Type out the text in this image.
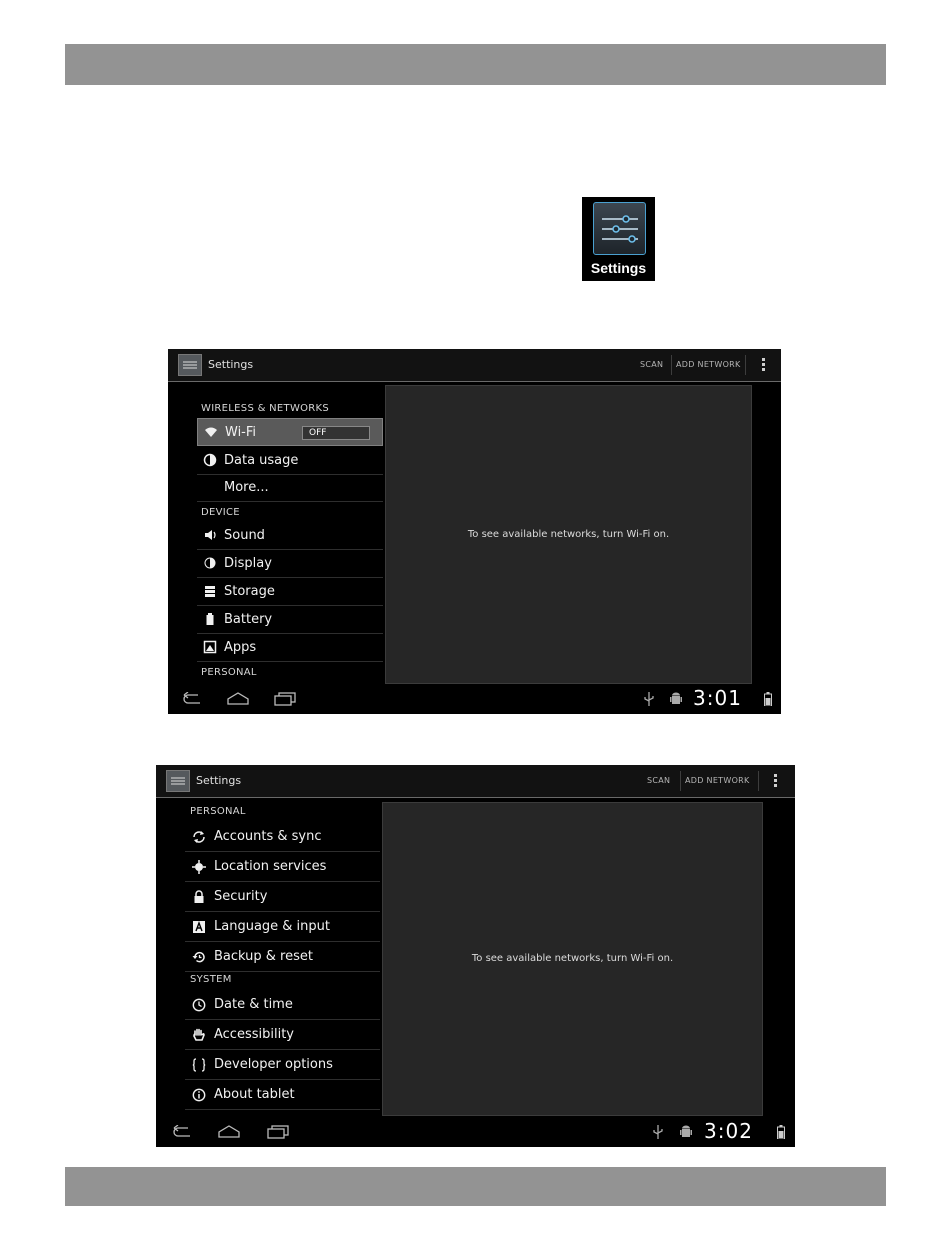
Settings
Settings	SCAN ADD NETWORK
WIRELESS & NETWORKS
Wi-Fi	OFF
Data usage
More...
DEVICE
Sound
Display
Storage
Battery
Apps
PERSONAL
To see available networks, turn Wi-Fi on.
3:01
Settings	SCAN ADD NETWORK
PERSONAL
Accounts & sync
Location services
Security
Language & input
Backup & reset
SYSTEM
Date & time
Accessibility
Developer options
About tablet
To see available networks, turn Wi-Fi on.
3:02
